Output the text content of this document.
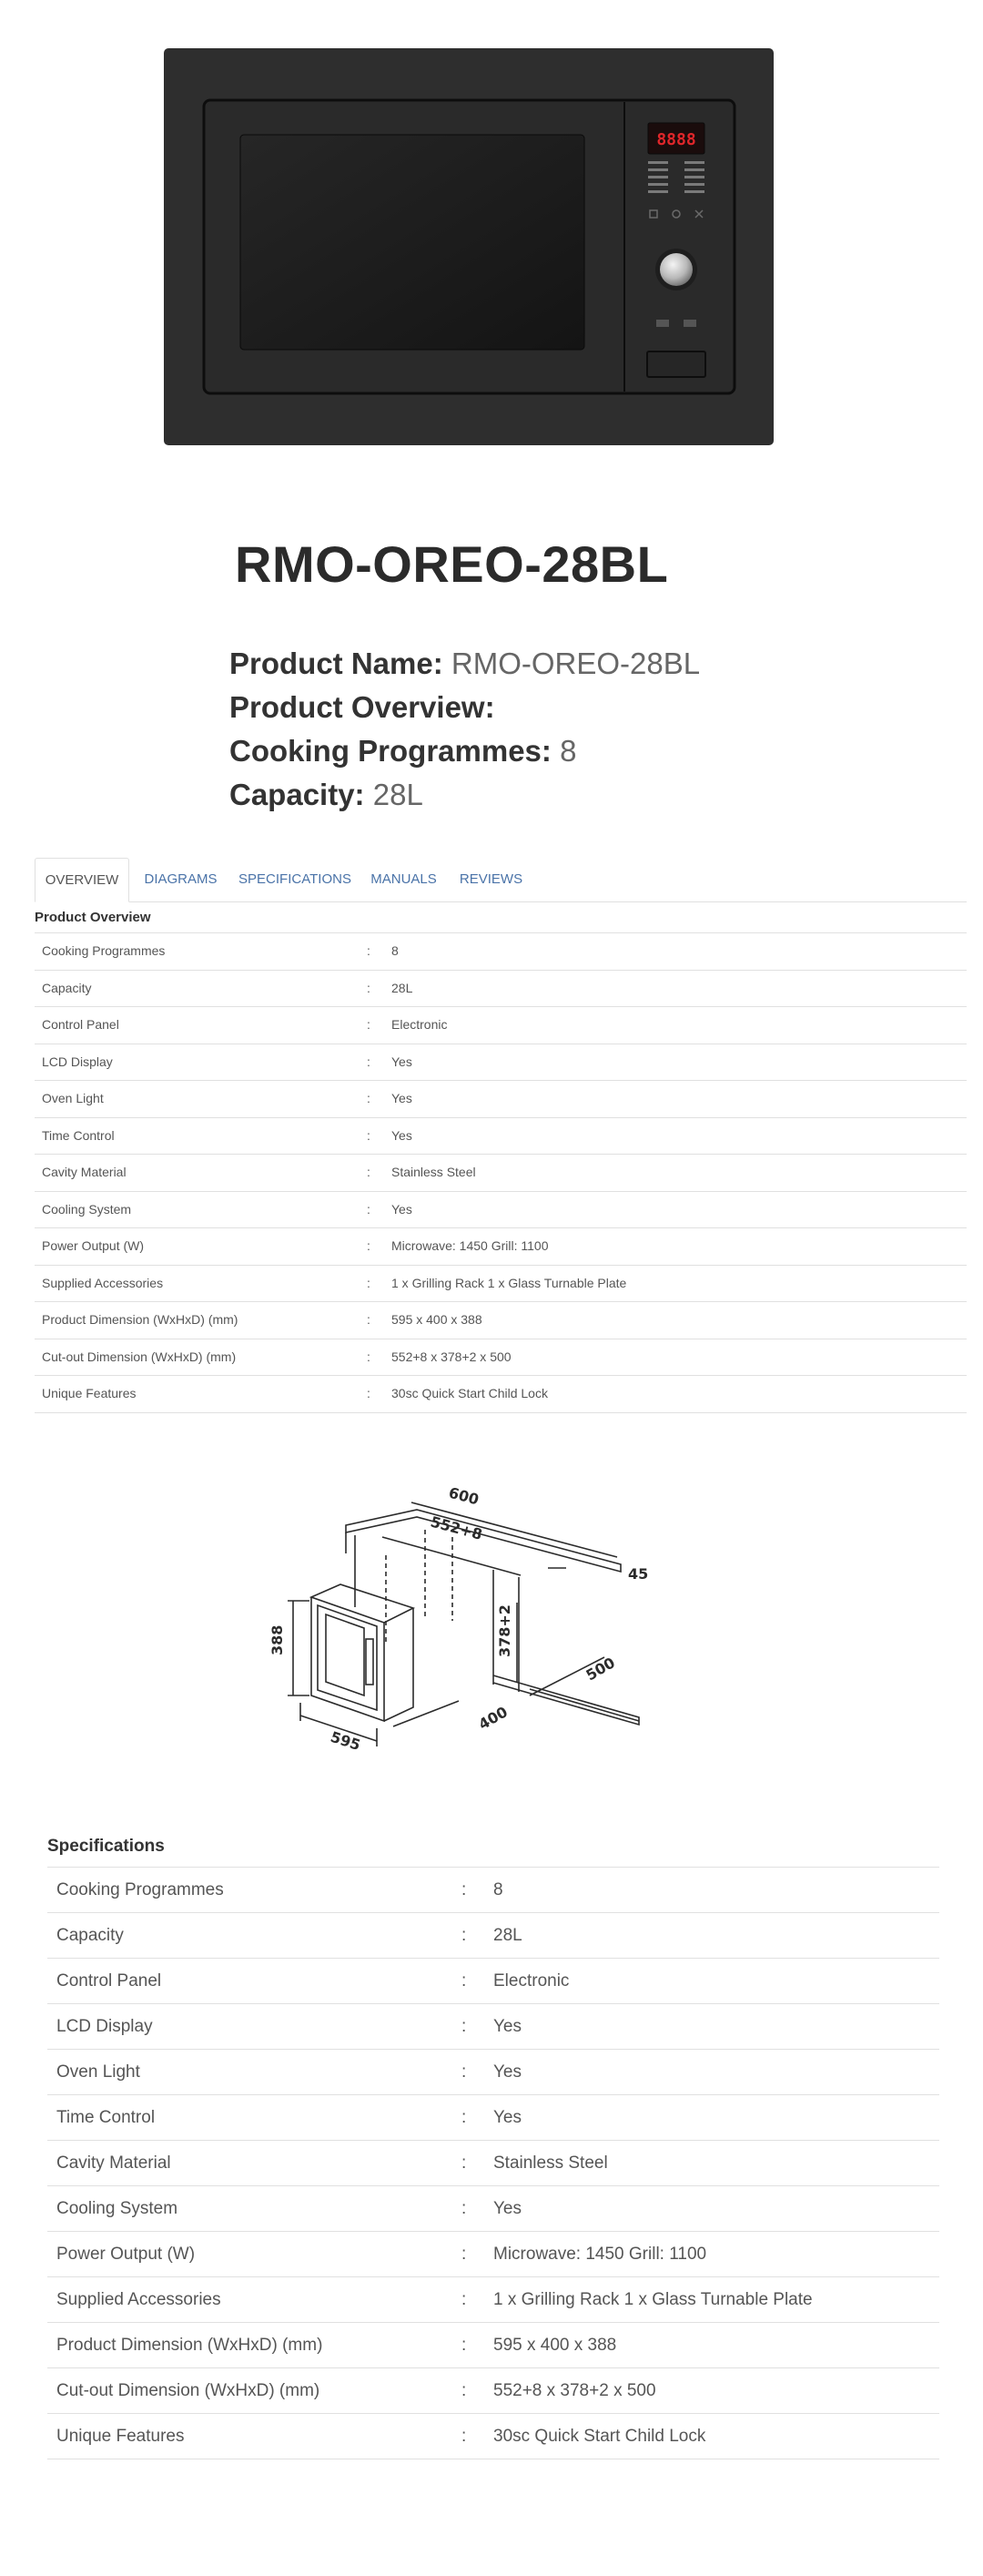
8888
RMO-OREO-28BL
Product Name: RMO-OREO-28BL
Product Overview:
Cooking Programmes: 8
Capacity: 28L
OVERVIEW	DIAGRAMS	SPECIFICATIONS	MANUALS	REVIEWS
Product Overview
Cooking Programmes	: 8
Capacity	: 28L
Control Panel	: Electronic
LCD Display	: Yes
Oven Light	: Yes
Time Control	: Yes
Cavity Material	: Stainless Steel
Cooling System	: Yes
Power Output (W)	: Microwave: 1450 Grill: 1100
Supplied Accessories	: 1 x Grilling Rack 1 x Glass Turnable Plate
Product Dimension (WxHxD) (mm)	: 595 x 400 x 388
Cut-out Dimension (WxHxD) (mm)	: 552+8 x 378+2 x 500
Unique Features	: 30sc Quick Start Child Lock
600
552+8
45
388	378+2
500
400
595
Specifications
Cooking Programmes	: 8
Capacity	: 28L
Control Panel	: Electronic
LCD Display	: Yes
Oven Light	: Yes
Time Control	: Yes
Cavity Material	: Stainless Steel
Cooling System	: Yes
Power Output (W)	: Microwave: 1450 Grill: 1100
Supplied Accessories	: 1 x Grilling Rack 1 x Glass Turnable Plate
Product Dimension (WxHxD) (mm)	: 595 x 400 x 388
Cut-out Dimension (WxHxD) (mm)	: 552+8 x 378+2 x 500
Unique Features	: 30sc Quick Start Child Lock
